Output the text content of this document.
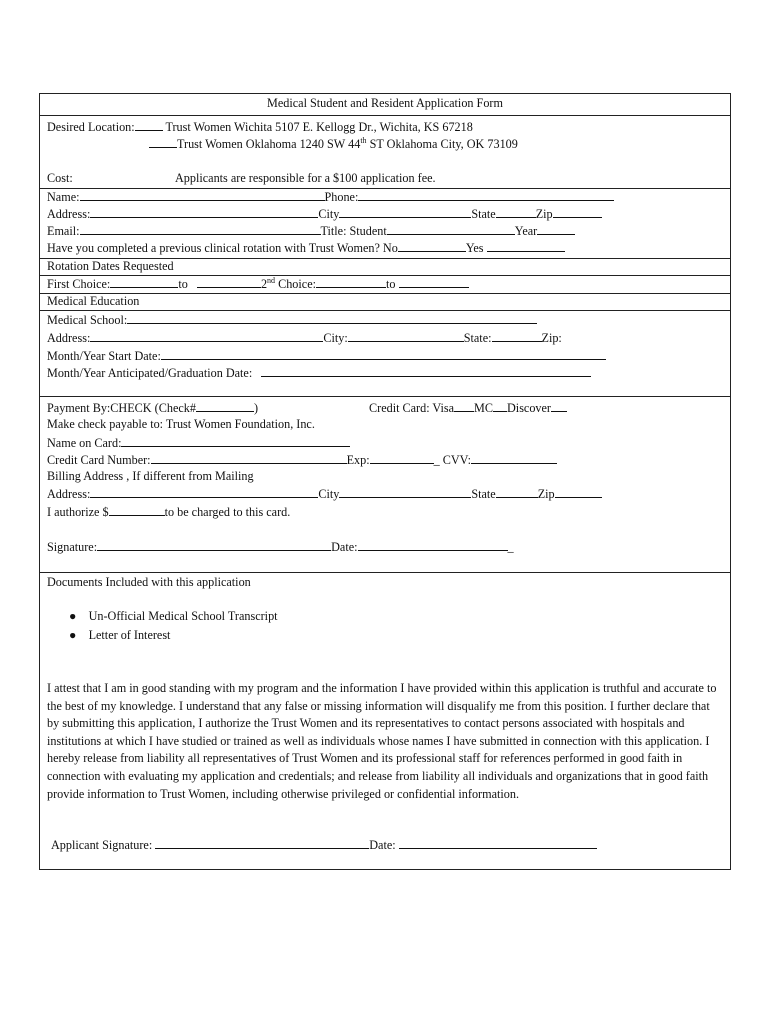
Medical Student and Resident Application Form
Desired Location:	Trust Women Wichita 5107 E. Kellogg Dr., Wichita, KS 67218
Trust Women Oklahoma 1240 SW 44th ST Oklahoma City, OK 73109
Cost:	Applicants are responsible for a $100 application fee.
Name:	Phone:
Address:	City	State	Zip
Email:	Title: Student	Year
Have you completed a previous clinical rotation with Trust Women? No	Yes
Rotation Dates Requested
First Choice:	to	2nd Choice:	to
Medical Education
Medical School:
Address:	City:	State:	Zip:
Month/Year Start Date:
Month/Year Anticipated/Graduation Date:
Payment By:CHECK (Check#	)	Credit Card: Visa MC Discover
Make check payable to: Trust Women Foundation, Inc.
Name on Card:
Credit Card Number:	Exp:	_ CVV:
Billing Address , If different from Mailing
Address:	City	State	Zip
I authorize $	to be charged to this card.
Signature:	Date:	_
Documents Included with this application
● Un-Official Medical School Transcript
● Letter of Interest
I attest that I am in good standing with my program and the information I have provided within this application is truthful and accurate to the best of my knowledge. I understand that any false or missing information will disqualify me from this position. I further declare that by submitting this application, I authorize the Trust Women and its representatives to contact persons associated with hospitals and institutions at which I have studied or trained as well as individuals whose names I have submitted in connection with this application. I hereby release from liability all representatives of Trust Women and its professional staff for references performed in good faith in connection with evaluating my application and credentials; and release from liability all individuals and organizations that in good faith provide information to Trust Women, including otherwise privileged or confidential information.
Applicant Signature:	Date:
